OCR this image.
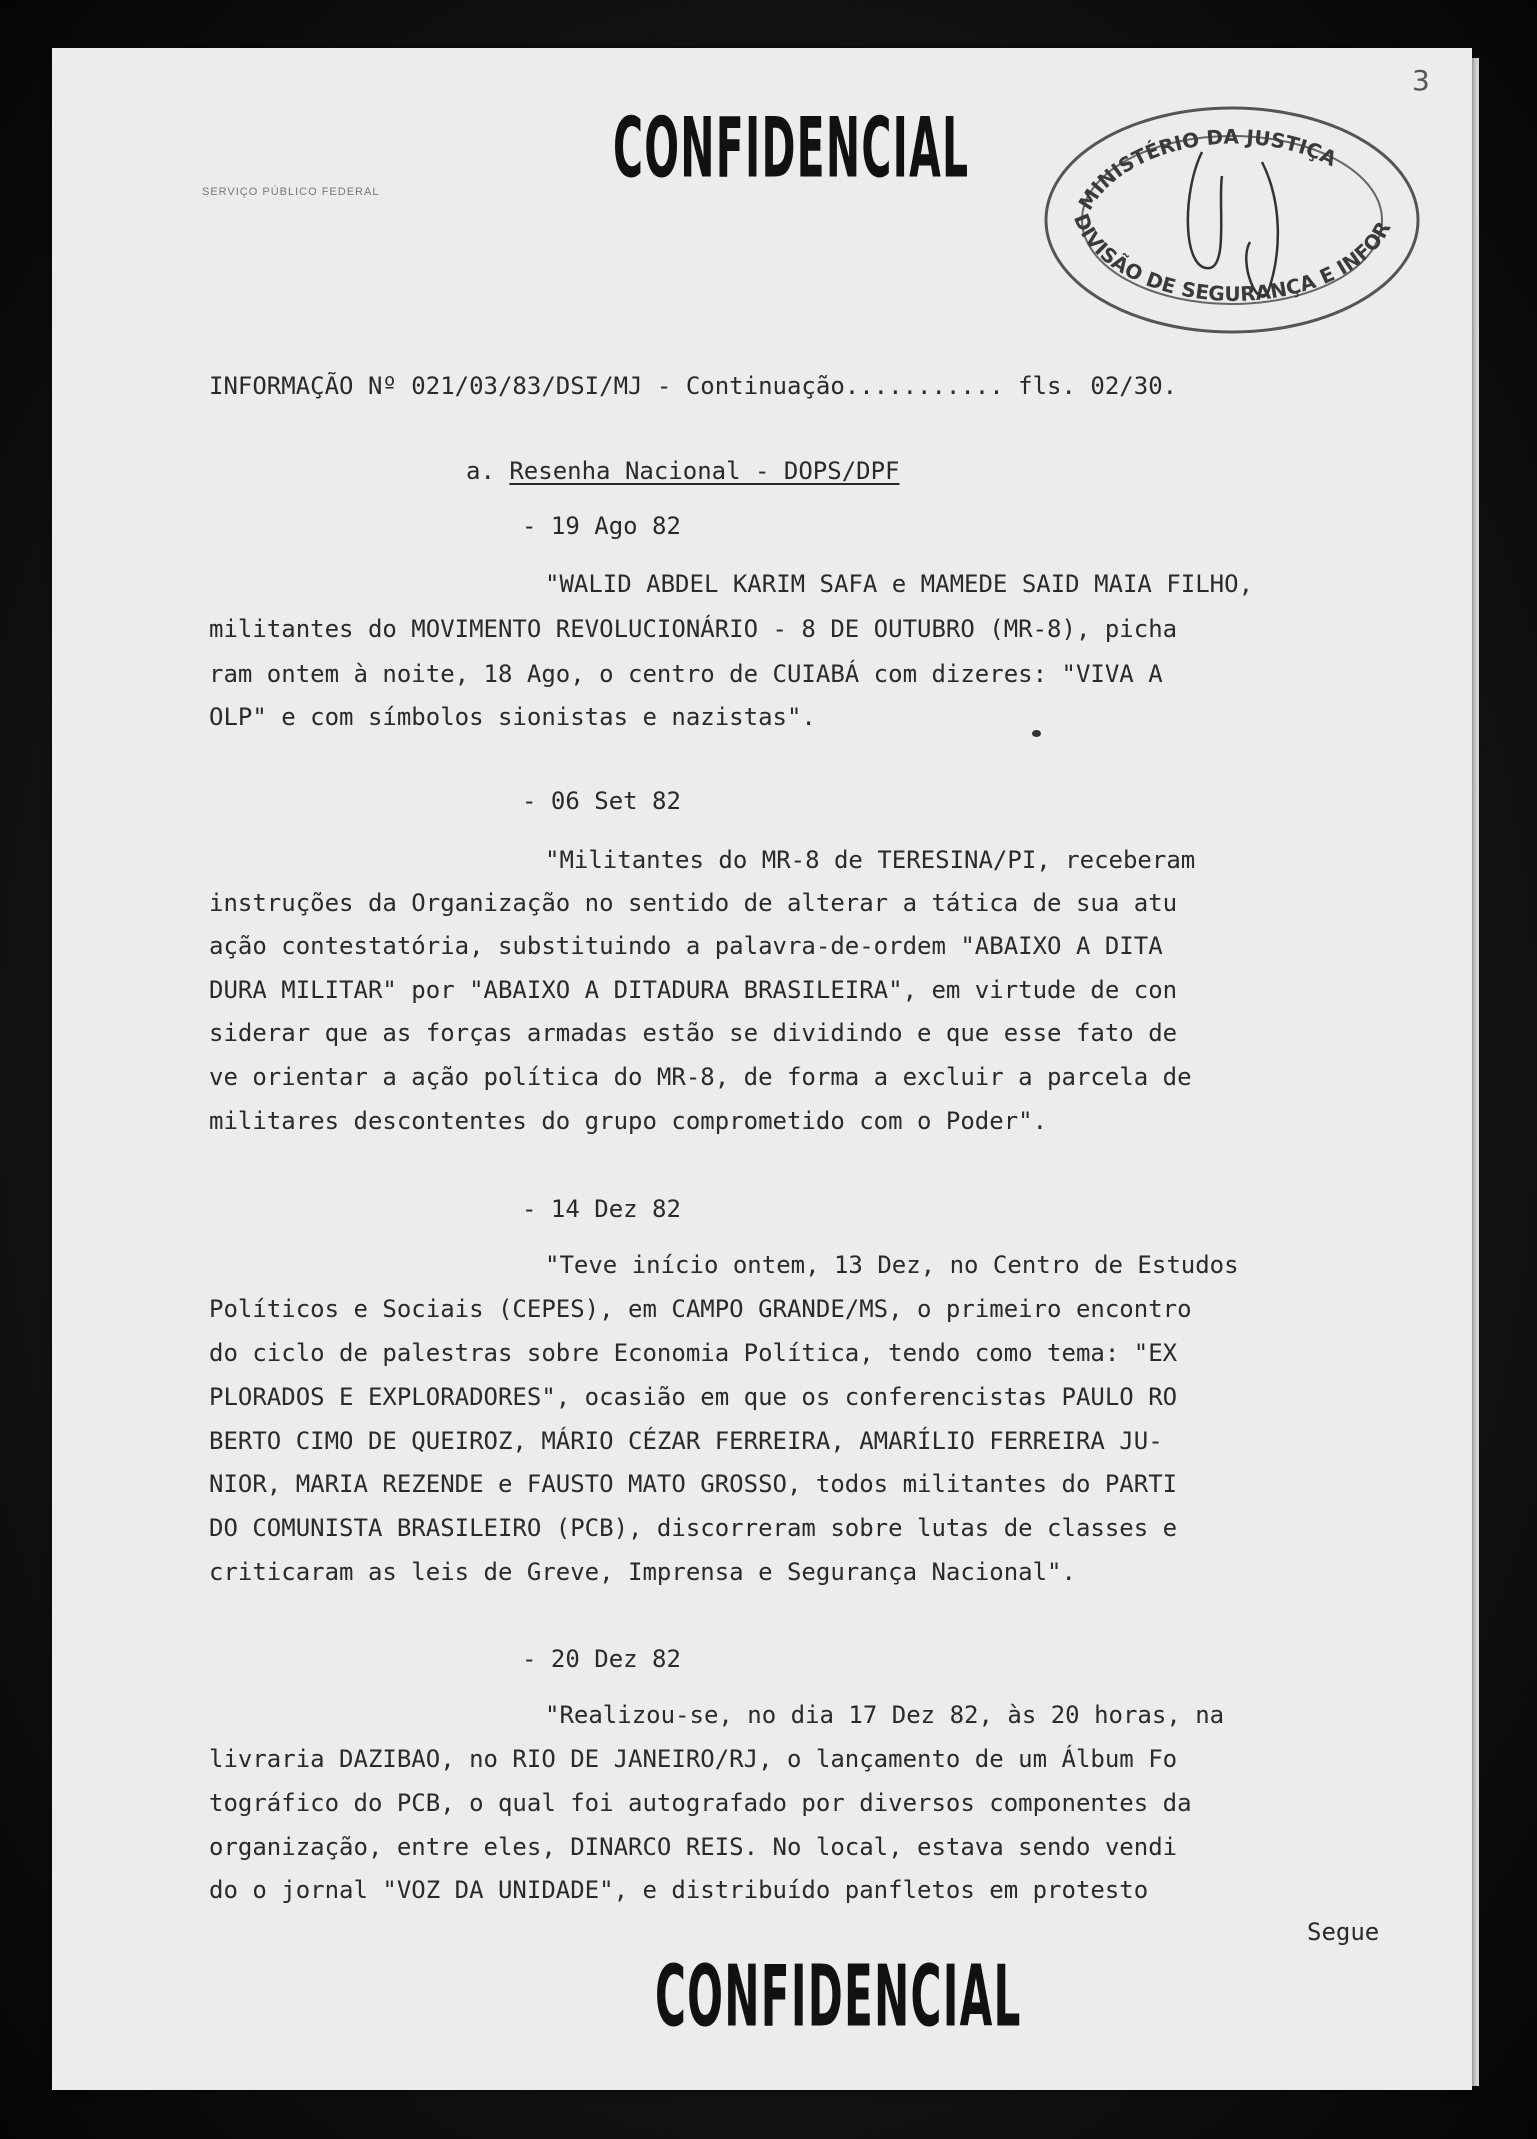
3
SERVIÇO PÚBLICO FEDERAL	CONFIDENCIAL
MINISTÉRIO DA JUSTIÇA
DIVISÃO DE SEGURANÇA E INFOR
INFORMAÇÃO Nº 021/03/83/DSI/MJ - Continuação........... fls. 02/30.
a. Resenha Nacional - DOPS/DPF
- 19 Ago 82
"WALID ABDEL KARIM SAFA e MAMEDE SAID MAIA FILHO,
militantes do MOVIMENTO REVOLUCIONÁRIO - 8 DE OUTUBRO (MR-8), picha
ram ontem à noite, 18 Ago, o centro de CUIABÁ com dizeres: "VIVA A
OLP" e com símbolos sionistas e nazistas".
- 06 Set 82
"Militantes do MR-8 de TERESINA/PI, receberam
instruções da Organização no sentido de alterar a tática de sua atu
ação contestatória, substituindo a palavra-de-ordem "ABAIXO A DITA
DURA MILITAR" por "ABAIXO A DITADURA BRASILEIRA", em virtude de con
siderar que as forças armadas estão se dividindo e que esse fato de
ve orientar a ação política do MR-8, de forma a excluir a parcela de
militares descontentes do grupo comprometido com o Poder".
- 14 Dez 82
"Teve início ontem, 13 Dez, no Centro de Estudos
Políticos e Sociais (CEPES), em CAMPO GRANDE/MS, o primeiro encontro
do ciclo de palestras sobre Economia Política, tendo como tema: "EX
PLORADOS E EXPLORADORES", ocasião em que os conferencistas PAULO RO
BERTO CIMO DE QUEIROZ, MÁRIO CÉZAR FERREIRA, AMARÍLIO FERREIRA JU-
NIOR, MARIA REZENDE e FAUSTO MATO GROSSO, todos militantes do PARTI
DO COMUNISTA BRASILEIRO (PCB), discorreram sobre lutas de classes e
criticaram as leis de Greve, Imprensa e Segurança Nacional".
- 20 Dez 82
"Realizou-se, no dia 17 Dez 82, às 20 horas, na
livraria DAZIBAO, no RIO DE JANEIRO/RJ, o lançamento de um Álbum Fo
tográfico do PCB, o qual foi autografado por diversos componentes da
organização, entre eles, DINARCO REIS. No local, estava sendo vendi
do o jornal "VOZ DA UNIDADE", e distribuído panfletos em protesto
Segue
CONFIDENCIAL
